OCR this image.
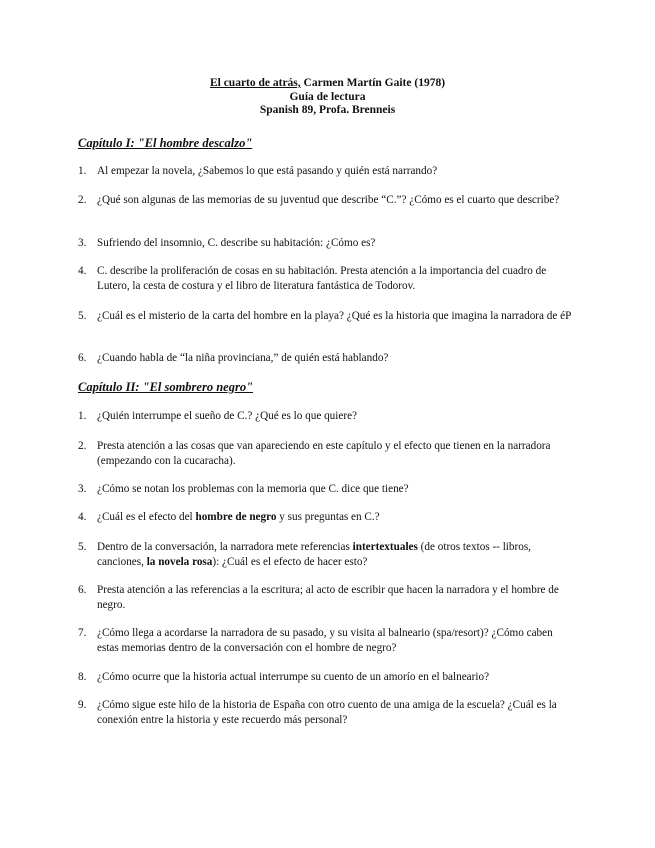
El cuarto de atrás, Carmen Martín Gaite (1978)
Guía de lectura
Spanish 89, Profa. Brenneis
Capítulo I: "El hombre descalzo"
1. Al empezar la novela, ¿Sabemos lo que está pasando y quién está narrando?
2. ¿Qué son algunas de las memorias de su juventud que describe “C.”? ¿Cómo es el cuarto que describe?
3. Sufriendo del insomnio, C. describe su habitación: ¿Cómo es?
4. C. describe la proliferación de cosas en su habitación. Presta atención a la importancia del cuadro de Lutero, la cesta de costura y el libro de literatura fantástica de Todorov.
5. ¿Cuál es el misterio de la carta del hombre en la playa? ¿Qué es la historia que imagina la narradora de éP
6. ¿Cuando habla de “la niña provinciana,” de quién está hablando?
Capítulo II: "El sombrero negro"
1. ¿Quién interrumpe el sueño de C.? ¿Qué es lo que quiere?
2. Presta atención a las cosas que van apareciendo en este capítulo y el efecto que tienen en la narradora (empezando con la cucaracha).
3. ¿Cómo se notan los problemas con la memoria que C. dice que tiene?
4. ¿Cuál es el efecto del hombre de negro y sus preguntas en C.?
5. Dentro de la conversación, la narradora mete referencias intertextuales (de otros textos -- libros, canciones, la novela rosa): ¿Cuál es el efecto de hacer esto?
6. Presta atención a las referencias a la escritura; al acto de escribir que hacen la narradora y el hombre de negro.
7. ¿Cómo llega a acordarse la narradora de su pasado, y su visita al balneario (spa/resort)? ¿Cómo caben estas memorias dentro de la conversación con el hombre de negro?
8. ¿Cómo ocurre que la historia actual interrumpe su cuento de un amorío en el balneario?
9. ¿Cómo sigue este hilo de la historia de España con otro cuento de una amiga de la escuela? ¿Cuál es la conexión entre la historia y este recuerdo más personal?
